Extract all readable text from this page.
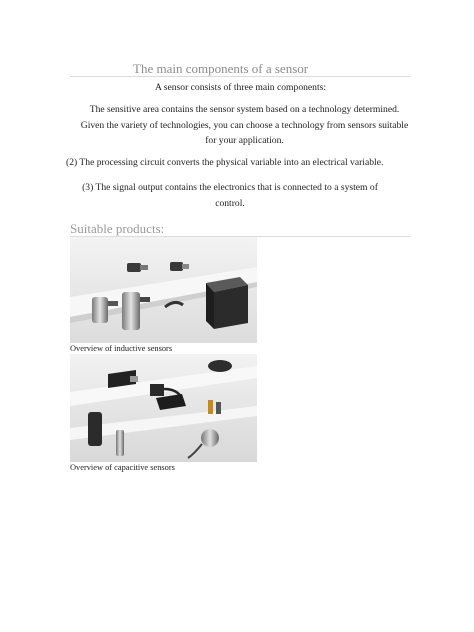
The main components of a sensor
A sensor consists of three main components:
The sensitive area contains the sensor system based on a technology determined. Given the variety of technologies, you can choose a technology from sensors suitable for your application.
(2) The processing circuit converts the physical variable into an electrical variable.
(3) The signal output contains the electronics that is connected to a system of control.
Suitable products:
Overview of inductive sensors
Overview of capacitive sensors
